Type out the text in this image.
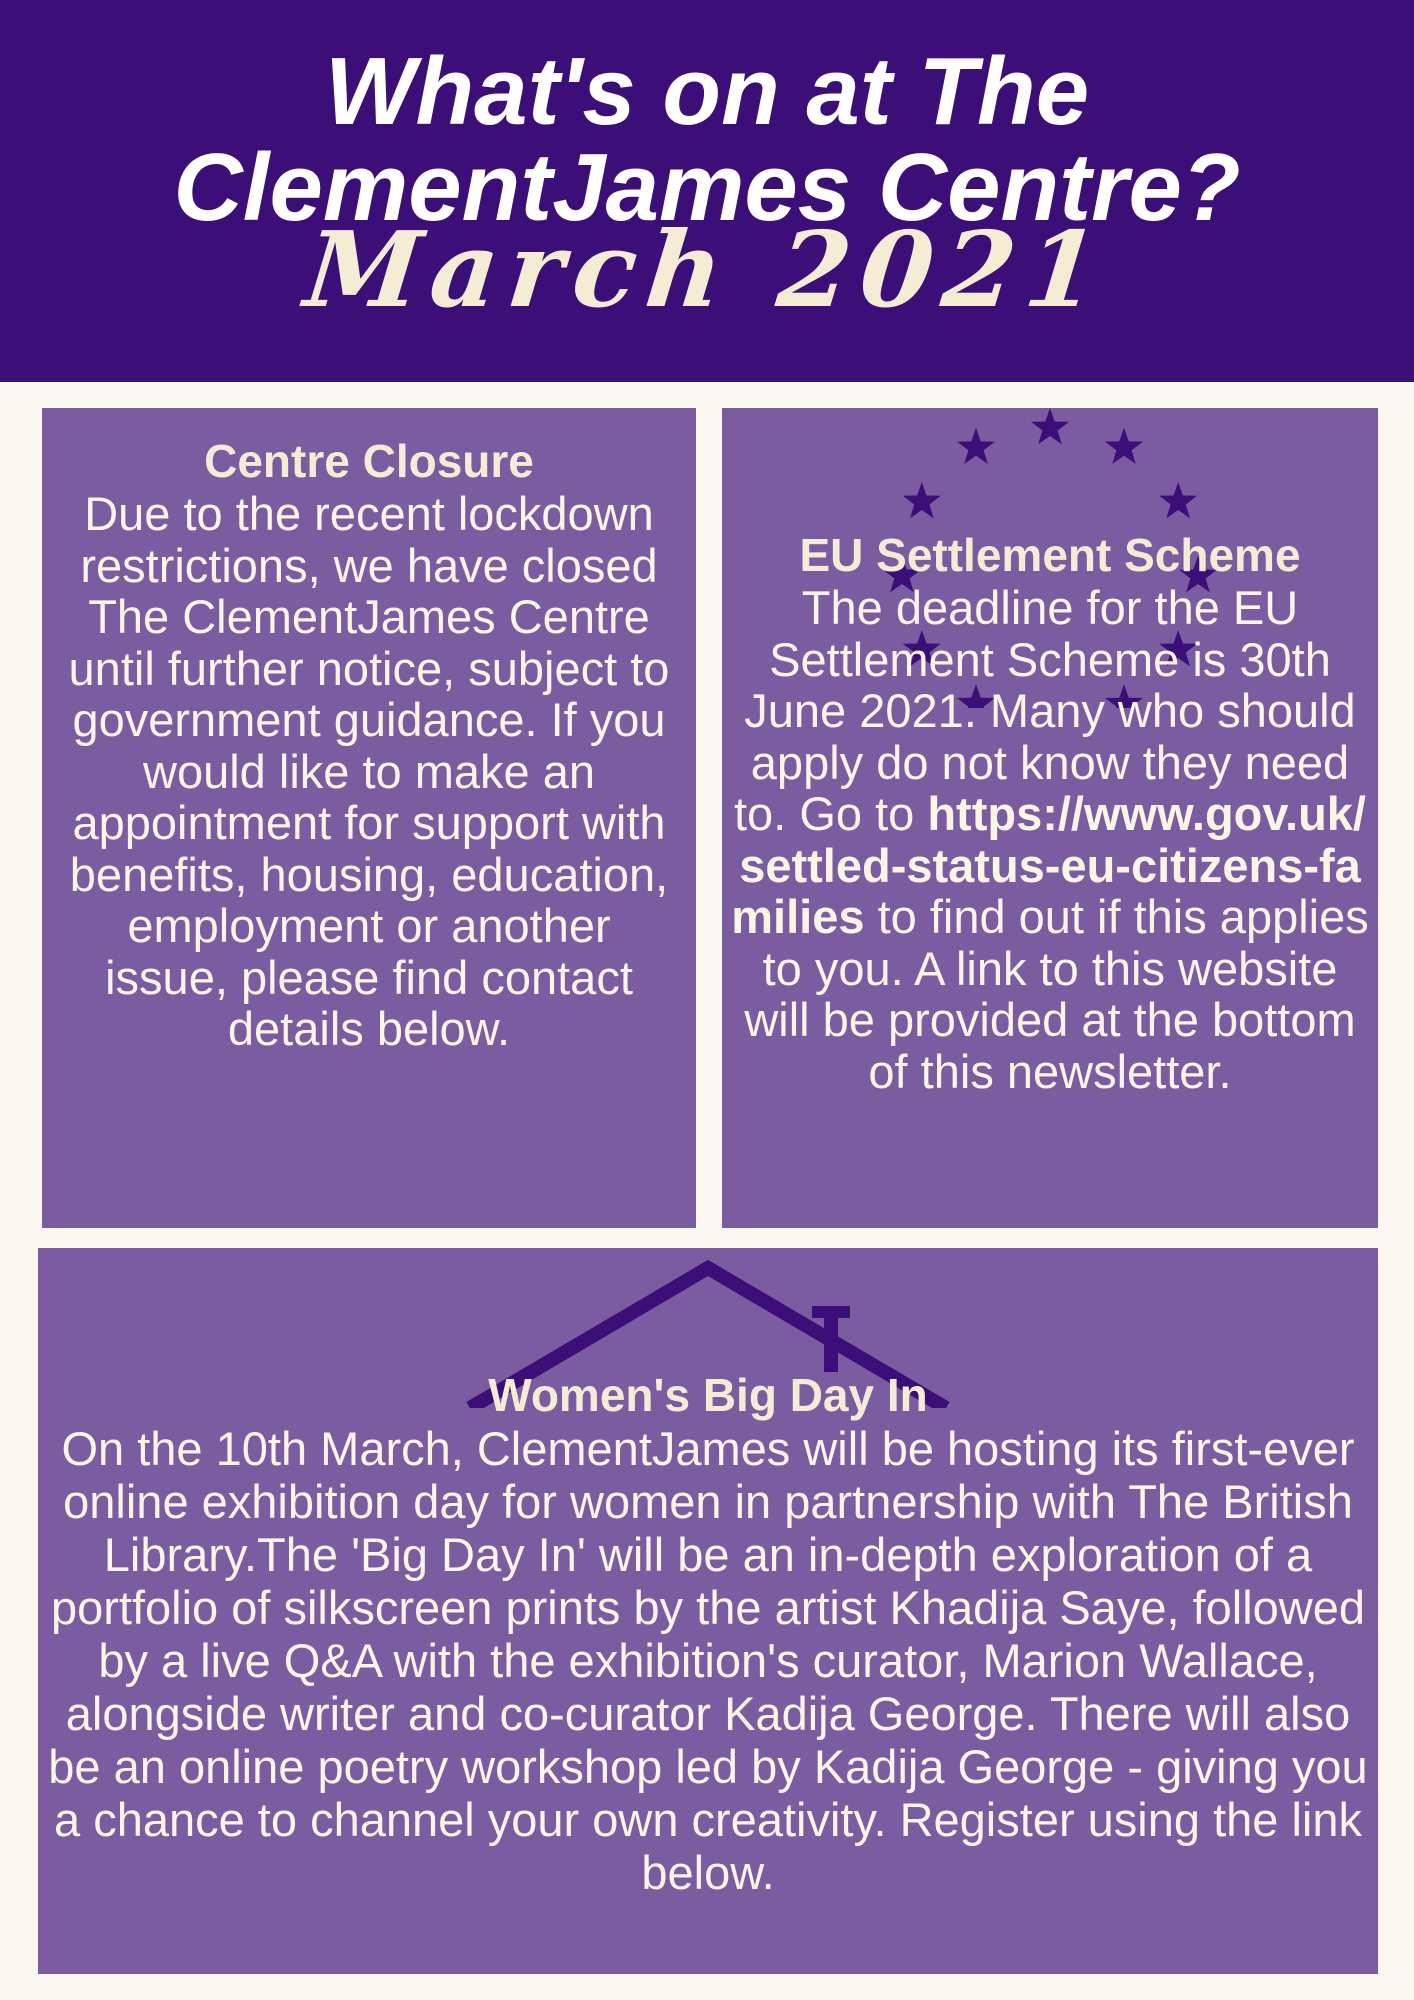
What's on at The
ClementJames Centre?
March 2021
Centre Closure

Due to the recent lockdown restrictions, we have closed The ClementJames Centre until further notice, subject to government guidance. If you would like to make an appointment for support with benefits, housing, education, employment or another issue, please find contact details below.

EU Settlement Scheme

The deadline for the EU Settlement Scheme is 30th June 2021. Many who should apply do not know they need to. Go to https://www.gov.uk/settled-status-eu-citizens-families to find out if this applies to you. A link to this website will be provided at the bottom of this newsletter.

Women's Big Day In

On the 10th March, ClementJames will be hosting its first-ever online exhibition day for women in partnership with The British Library.The 'Big Day In' will be an in-depth exploration of a portfolio of silkscreen prints by the artist Khadija Saye, followed by a live Q&A with the exhibition's curator, Marion Wallace, alongside writer and co-curator Kadija George. There will also be an online poetry workshop led by Kadija George - giving you a chance to channel your own creativity. Register using the link below.
